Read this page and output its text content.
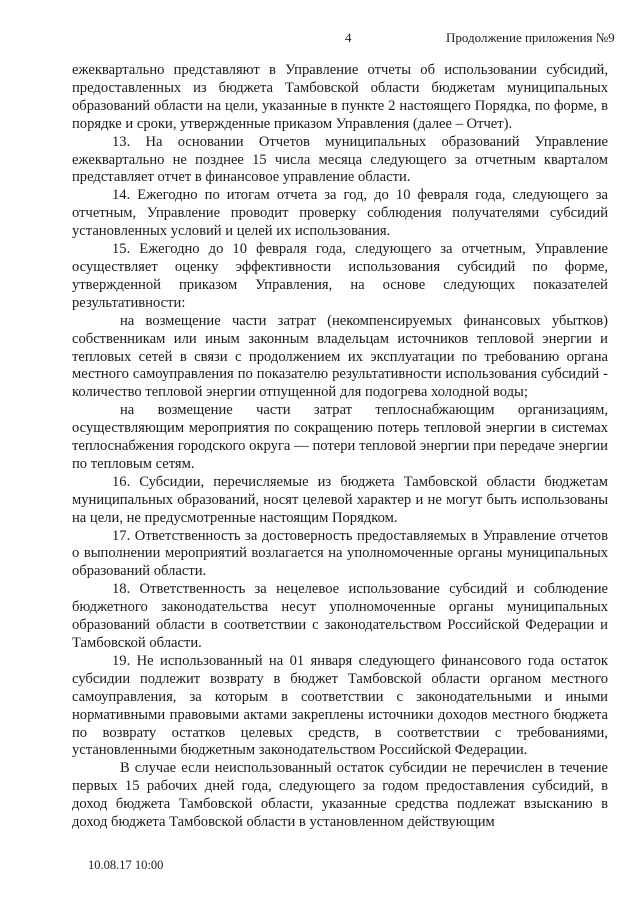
4	Продолжение приложения №9

ежеквартально представляют в Управление отчеты об использовании субсидий, предоставленных из бюджета Тамбовской области бюджетам муниципальных образований области на цели, указанные в пункте 2 настоящего Порядка, по форме, в порядке и сроки, утвержденные приказом Управления (далее – Отчет).

13. На основании Отчетов муниципальных образований Управление ежеквартально не позднее 15 числа месяца следующего за отчетным кварталом представляет отчет в финансовое управление области.

14. Ежегодно по итогам отчета за год, до 10 февраля года, следующего за отчетным, Управление проводит проверку соблюдения получателями субсидий установленных условий и целей их использования.

15. Ежегодно до 10 февраля года, следующего за отчетным, Управление осуществляет оценку эффективности использования субсидий по форме, утвержденной приказом Управления, на основе следующих показателей результативности:

на возмещение части затрат (некомпенсируемых финансовых убытков) собственникам или иным законным владельцам источников тепловой энергии и тепловых сетей в связи с продолжением их эксплуатации по требованию органа местного самоуправления по показателю результативности использования субсидий - количество тепловой энергии отпущенной для подогрева холодной воды;

на возмещение части затрат теплоснабжающим организациям, осуществляющим мероприятия по сокращению потерь тепловой энергии в системах теплоснабжения городского округа — потери тепловой энергии при передаче энергии по тепловым сетям.

16. Субсидии, перечисляемые из бюджета Тамбовской области бюджетам муниципальных образований, носят целевой характер и не могут быть использованы на цели, не предусмотренные настоящим Порядком.

17. Ответственность за достоверность предоставляемых в Управление отчетов о выполнении мероприятий возлагается на уполномоченные органы муниципальных образований области.

18. Ответственность за нецелевое использование субсидий и соблюдение бюджетного законодательства несут уполномоченные органы муниципальных образований области в соответствии с законодательством Российской Федерации и Тамбовской области.

19. Не использованный на 01 января следующего финансового года остаток субсидии подлежит возврату в бюджет Тамбовской области органом местного самоуправления, за которым в соответствии с законодательными и иными нормативными правовыми актами закреплены источники доходов местного бюджета по возврату остатков целевых средств, в соответствии с требованиями, установленными бюджетным законодательством Российской Федерации.

В случае если неиспользованный остаток субсидии не перечислен в течение первых 15 рабочих дней года, следующего за годом предоставления субсидий, в доход бюджета Тамбовской области, указанные средства подлежат взысканию в доход бюджета Тамбовской области в установленном действующим

10.08.17 10:00
